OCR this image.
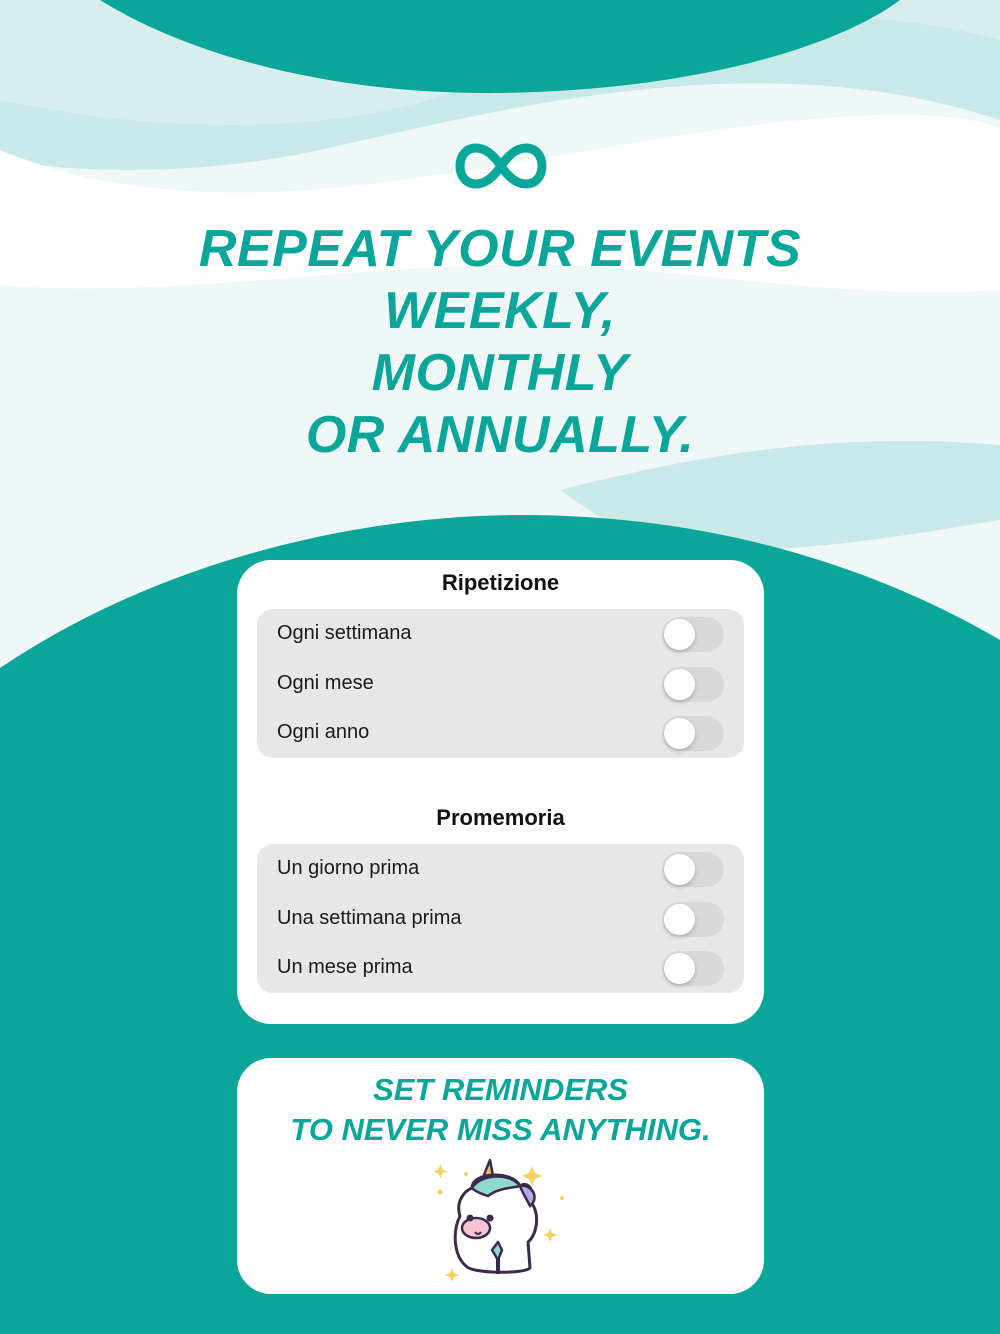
REPEAT YOUR EVENTS
WEEKLY,
MONTHLY
OR ANNUALLY.
Ripetizione
Ogni settimana
Ogni mese
Ogni anno
Promemoria
Un giorno prima
Una settimana prima
Un mese prima
SET REMINDERS
TO NEVER MISS ANYTHING.
